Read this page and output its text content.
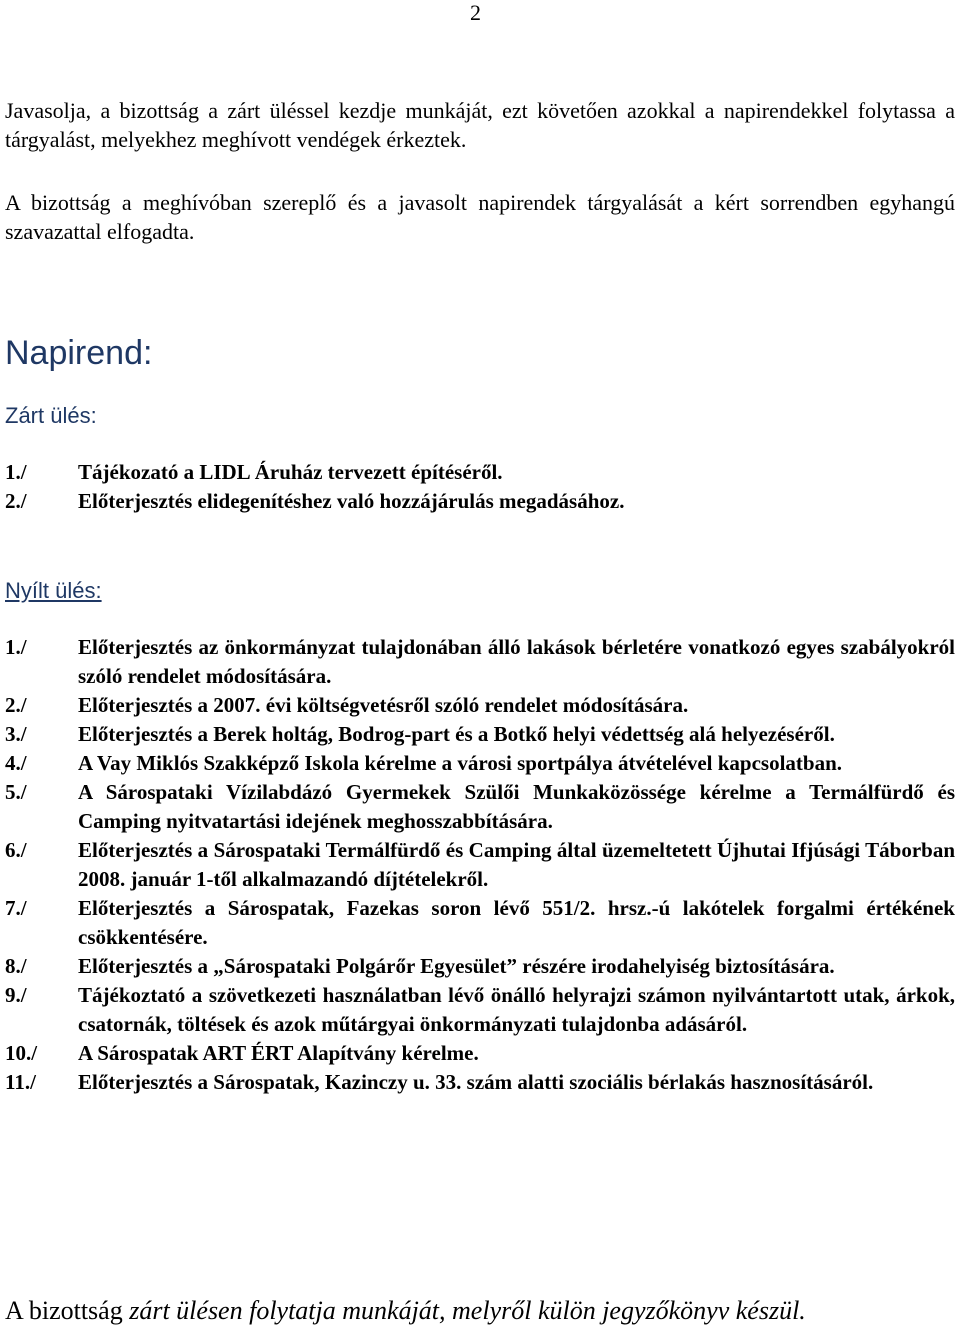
2

Javasolja, a bizottság a zárt üléssel kezdje munkáját, ezt követően azokkal a napirendekkel folytassa a tárgyalást, melyekhez meghívott vendégek érkeztek.

A bizottság a meghívóban szereplő és a javasolt napirendek tárgyalását a kért sorrendben egyhangú szavazattal elfogadta.

Napirend:
Zárt ülés:
1./ Tájékozató a LIDL Áruház tervezett építéséről.
2./ Előterjesztés elidegenítéshez való hozzájárulás megadásához.
Nyílt ülés:
1./ Előterjesztés az önkormányzat tulajdonában álló lakások bérletére vonatkozó egyes szabályokról szóló rendelet módosítására.
2./ Előterjesztés a 2007. évi költségvetésről szóló rendelet módosítására.
3./ Előterjesztés a Berek holtág, Bodrog-part és a Botkő helyi védettség alá helyezéséről.
4./ A Vay Miklós Szakképző Iskola kérelme a városi sportpálya átvételével kapcsolatban.
5./ A Sárospataki Vízilabdázó Gyermekek Szülői Munkaközössége kérelme a Termálfürdő és Camping nyitvatartási idejének meghosszabbítására.
6./ Előterjesztés a Sárospataki Termálfürdő és Camping által üzemeltetett Újhutai Ifjúsági Táborban 2008. január 1-től alkalmazandó díjtételekről.
7./ Előterjesztés a Sárospatak, Fazekas soron lévő 551/2. hrsz.-ú lakótelek forgalmi értékének csökkentésére.
8./ Előterjesztés a „Sárospataki Polgárőr Egyesület” részére irodahelyiség biztosítására.
9./ Tájékoztató a szövetkezeti használatban lévő önálló helyrajzi számon nyilvántartott utak, árkok, csatornák, töltések és azok műtárgyai önkormányzati tulajdonba adásáról.
10./ A Sárospatak ART ÉRT Alapítvány kérelme.
11./ Előterjesztés a Sárospatak, Kazinczy u. 33. szám alatti szociális bérlakás hasznosításáról.
A bizottság zárt ülésen folytatja munkáját, melyről külön jegyzőkönyv készül.
